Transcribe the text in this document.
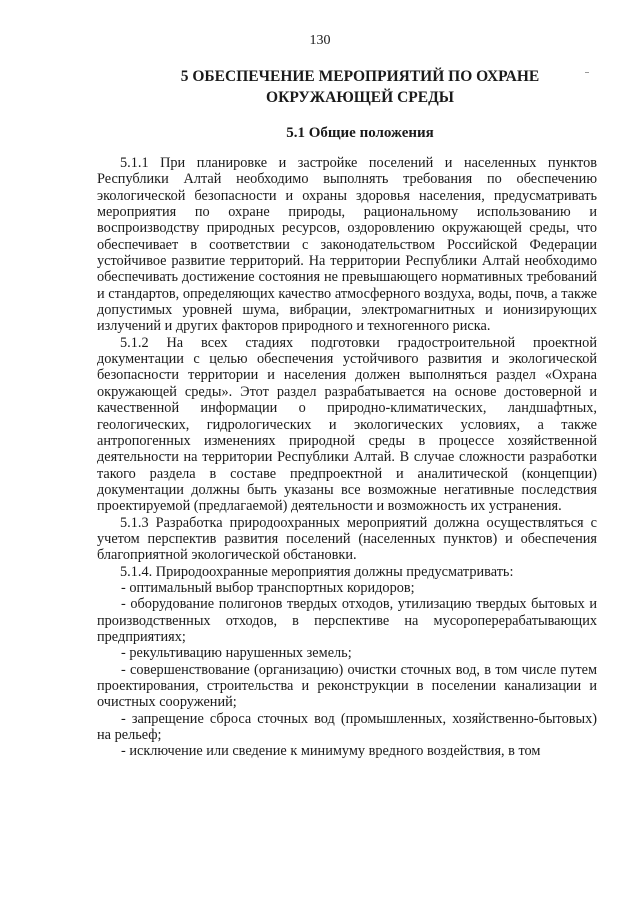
130
5 ОБЕСПЕЧЕНИЕ МЕРОПРИЯТИЙ ПО ОХРАНЕ
ОКРУЖАЮЩЕЙ СРЕДЫ
5.1 Общие положения

5.1.1 При планировке и застройке поселений и населенных пунктов Республики Алтай необходимо выполнять требования по обеспечению экологической безопасности и охраны здоровья населения, предусматривать мероприятия по охране природы, рациональному использованию и воспроизводству природных ресурсов, оздоровлению окружающей среды, что обеспечивает в соответствии с законодательством Российской Федерации устойчивое развитие территорий. На территории Республики Алтай необходимо обеспечивать достижение состояния не превышающего нормативных требований и стандартов, определяющих качество атмосферного воздуха, воды, почв, а также допустимых уровней шума, вибрации, электромагнитных и ионизирующих излучений и других факторов природного и техногенного риска.

5.1.2 На всех стадиях подготовки градостроительной проектной документации с целью обеспечения устойчивого развития и экологической безопасности территории и населения должен выполняться раздел «Охрана окружающей среды». Этот раздел разрабатывается на основе достоверной и качественной информации о природно-климатических, ландшафтных, геологических, гидрологических и экологических условиях, а также антропогенных изменениях природной среды в процессе хозяйственной деятельности на территории Республики Алтай. В случае сложности разработки такого раздела в составе предпроектной и аналитической (концепции) документации должны быть указаны все возможные негативные последствия проектируемой (предлагаемой) деятельности и возможность их устранения.

5.1.3 Разработка природоохранных мероприятий должна осуществляться с учетом перспектив развития поселений (населенных пунктов) и обеспечения благоприятной экологической обстановки.

5.1.4. Природоохранные мероприятия должны предусматривать:

- оптимальный выбор транспортных коридоров;

- оборудование полигонов твердых отходов, утилизацию твердых бытовых и производственных отходов, в перспективе на мусороперерабатывающих предприятиях;

- рекультивацию нарушенных земель;

- совершенствование (организацию) очистки сточных вод, в том числе путем проектирования, строительства и реконструкции в поселении канализации и очистных сооружений;

- запрещение сброса сточных вод (промышленных, хозяйственно-бытовых) на рельеф;

- исключение или сведение к минимуму вредного воздействия, в том
